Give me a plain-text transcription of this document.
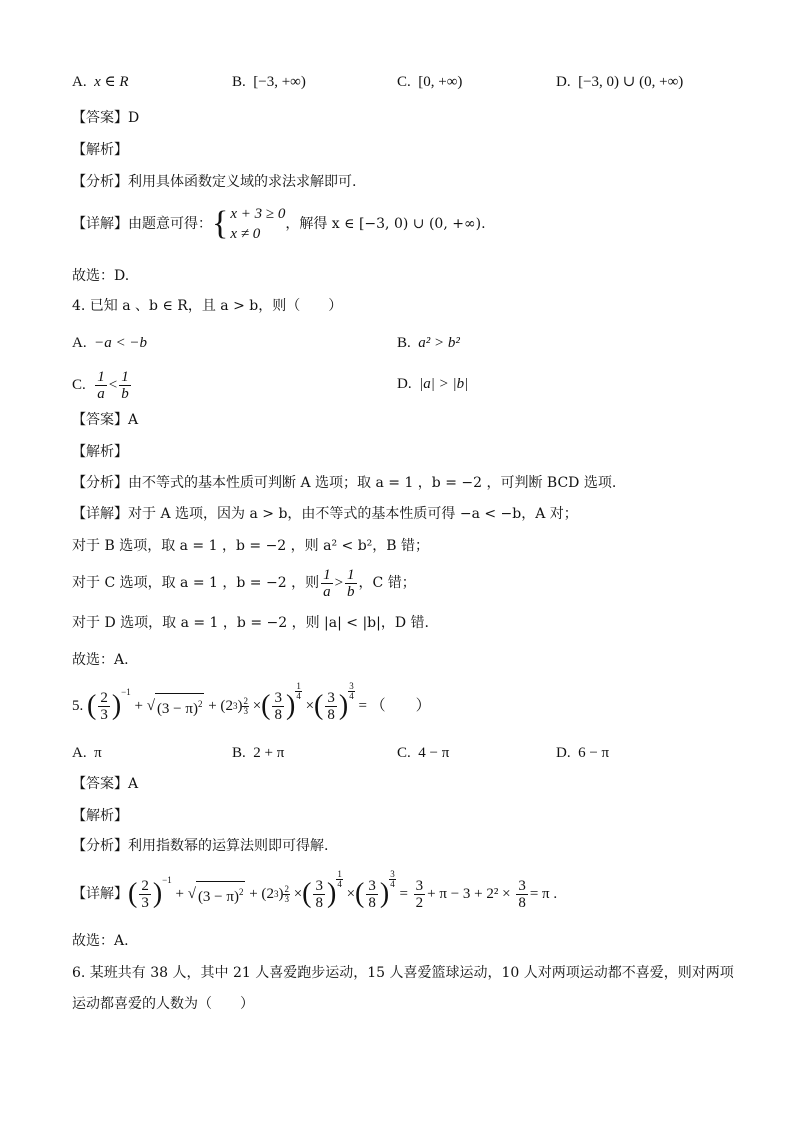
A. x ∈ R	B. [−3, +∞)	C. [0, +∞)	D. [−3, 0) ∪ (0, +∞)
【答案】D
【解析】
【分析】利用具体函数定义域的求法求解即可.
【详解】 由题意可得： { x + 3 ≥ 0
x ≠ 0
，解得 x ∈ [−3, 0) ∪ (0, +∞).
故选：D.
4. 已知 a 、b ∈ R，且 a > b，则（　　）
A. −a < −b	B. a² > b²
C. $\frac{1}{a} < \frac{1}{b}$	D. |a| > |b|
【答案】A
【解析】
【分析】由不等式的基本性质可判断 A 选项；取 a = 1 ，b = −2 ，可判断 BCD 选项.
【详解】对于 A 选项，因为 a > b，由不等式的基本性质可得 −a < −b，A 对；
对于 B 选项，取 a = 1 ，b = −2 ，则 a² < b²，B 错；
对于 C 选项，取 a = 1 ，b = −2 ，则 $\frac{1}{a} > \frac{1}{b}$ ，C 错；
对于 D 选项，取 a = 1 ，b = −2 ，则 |a| < |b|，D 错.
故选：A.
5.
( $\frac{2}{3} )^{-1}$
+ √ $(3 - \pi)^2$ + ( 2 3 ) 2
3 × ( $\frac{3}{8}$ )
1
4
× ( $\frac{3}{8}$ ) $\frac{3}{4}$

= （　　）
A. π	B. 2 + π	C. 4 − π	D. 6 − π
【答案】A
【解析】
【分析】利用指数幂的运算法则即可得解.
【详解】 ( $\frac{2}{3} )^{-1}$
+ √ $(3 - \pi)^2$ + ( 2 3 ) 2
3 × ( $\frac{3}{8}$ )
1
4
× ( $\frac{3}{8}$ ) $\frac{3}{4}$

=
$\frac{3}{2} + \pi - 3 + 2^2$ ×
$\frac{3}{8} = \pi$ .
故选：A.
6. 某班共有 38 人，其中 21 人喜爱跑步运动，15 人喜爱篮球运动，10 人对两项运动都不喜爱，则对两项
运动都喜爱的人数为（　　）
